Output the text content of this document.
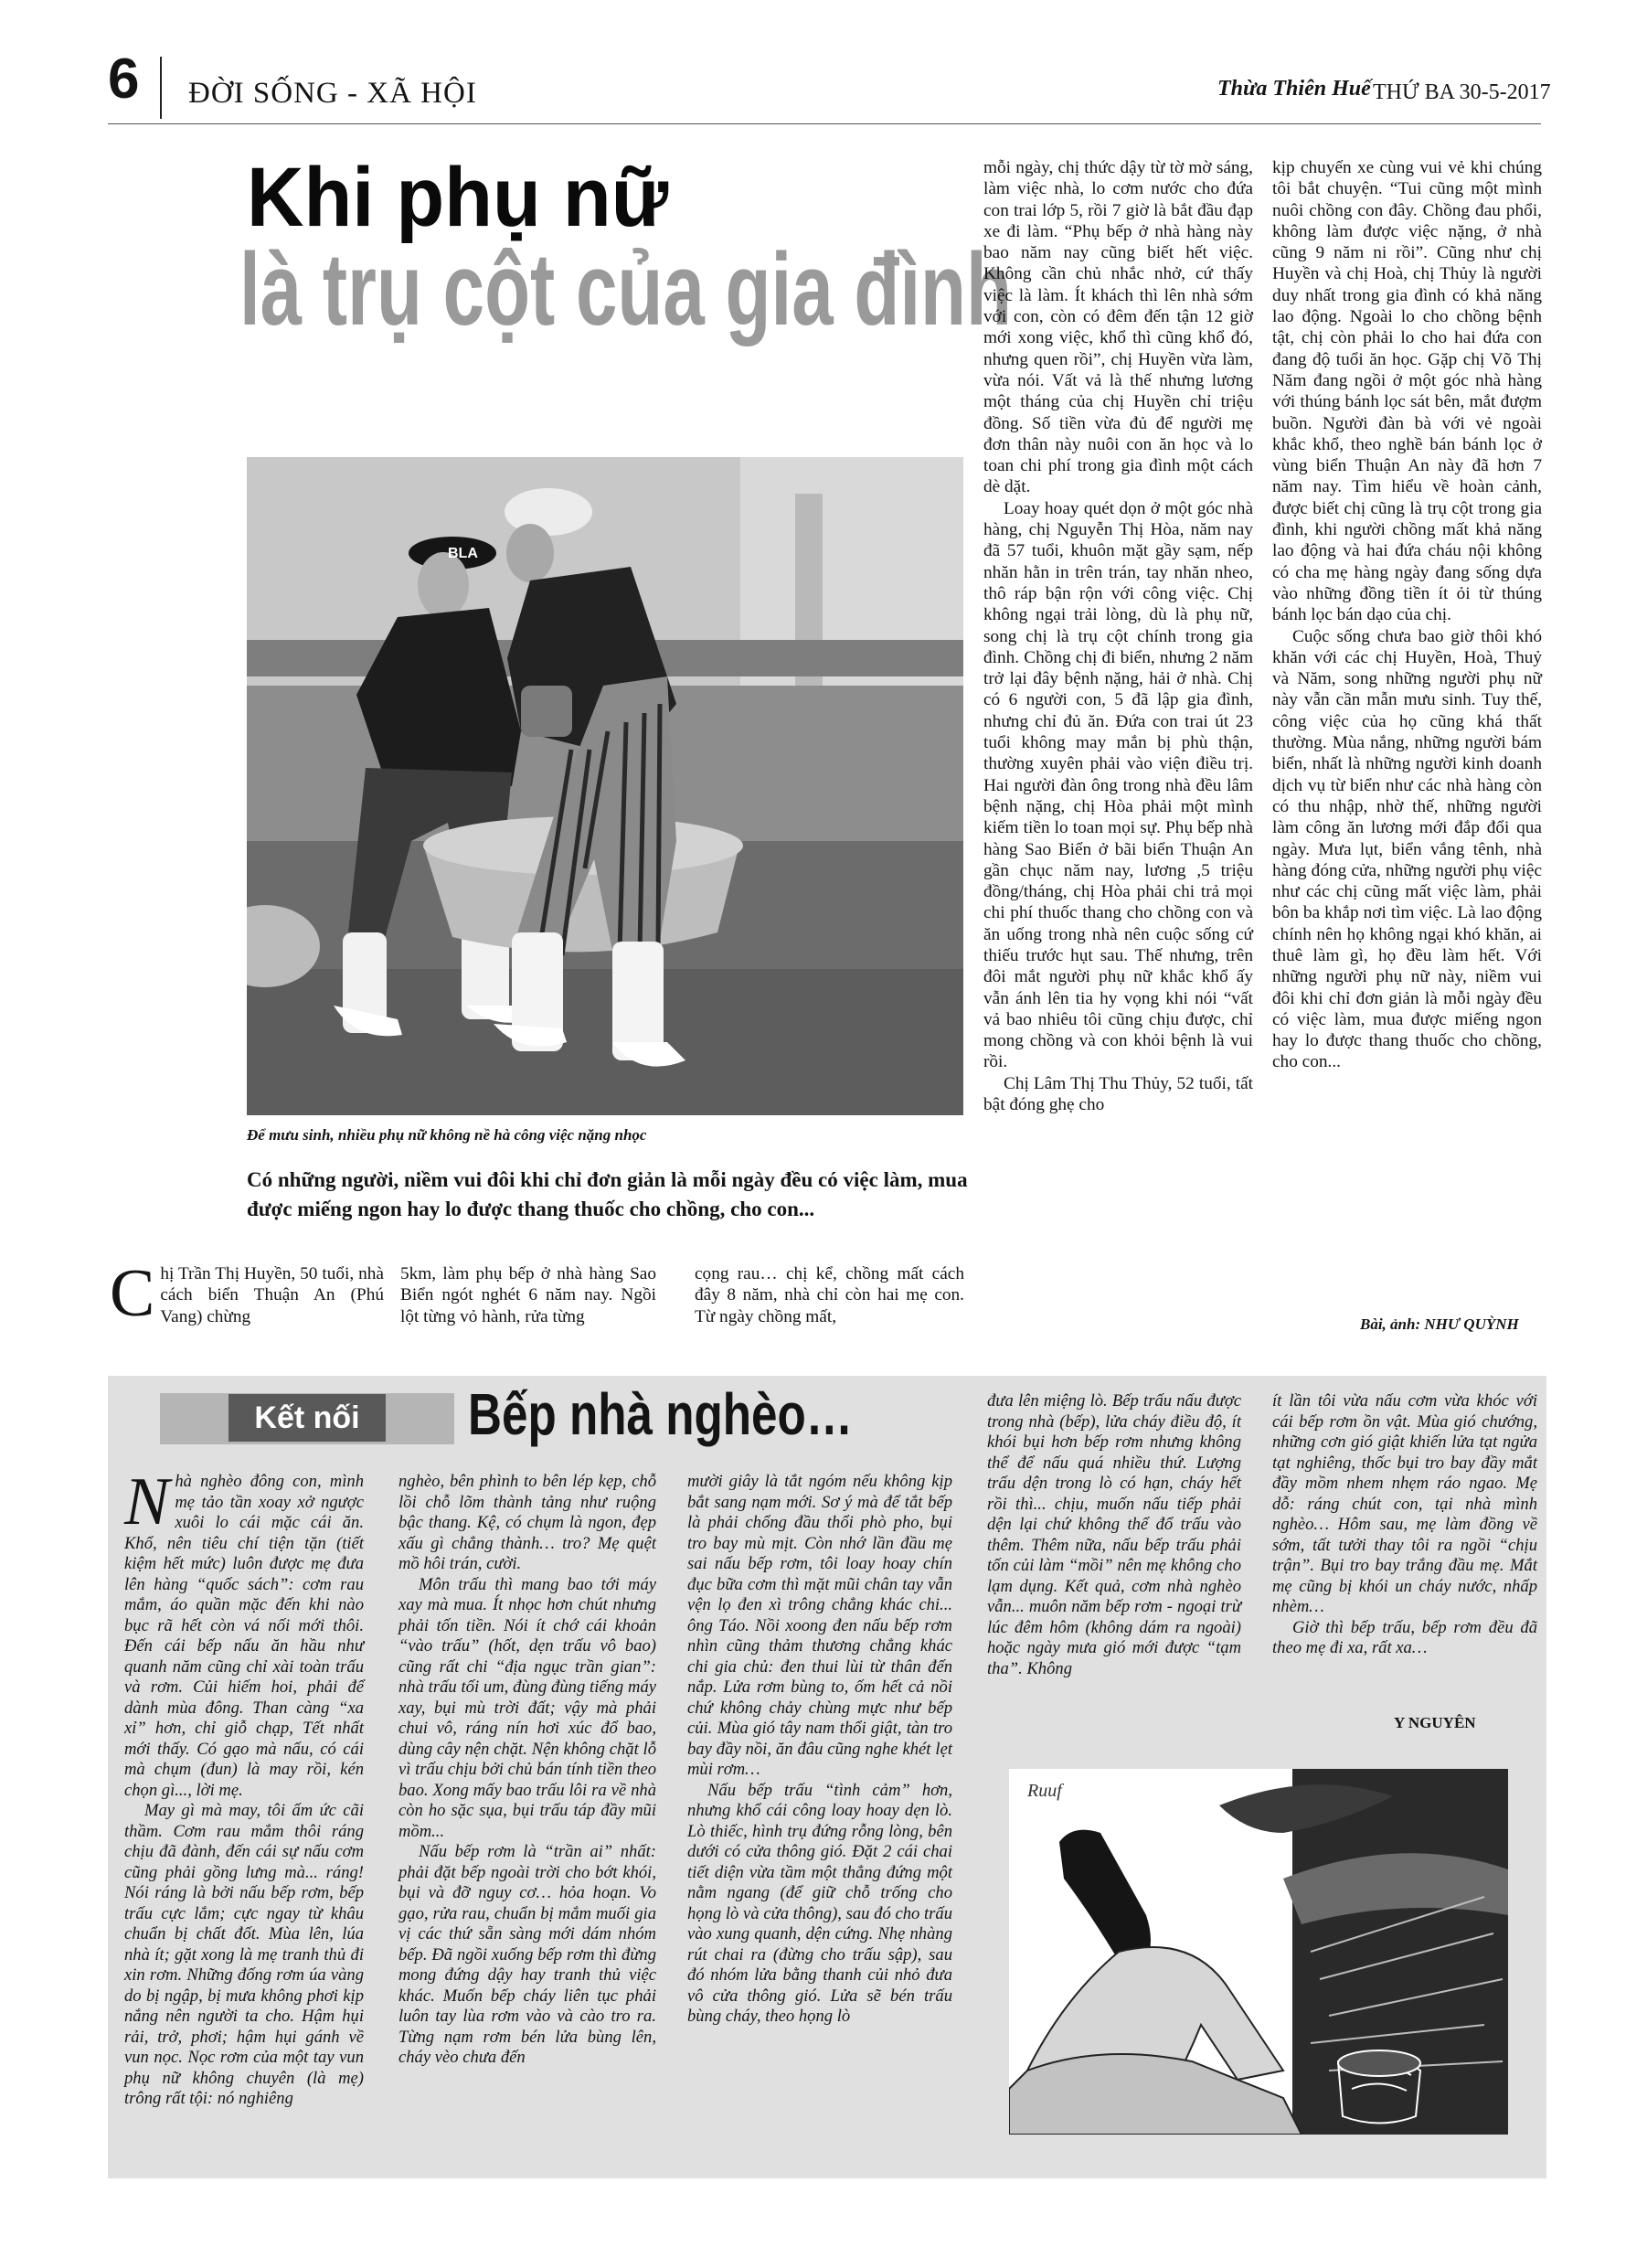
6 ĐỜI SỐNG - XÃ HỘI	Thừa Thiên Huế THỨ BA 30-5-2017
Khi phụ nữ
là trụ cột của gia đình
BLA
Để mưu sinh, nhiều phụ nữ không nề hà công việc nặng nhọc
Có những người, niềm vui đôi khi chỉ đơn giản là mỗi ngày đều có việc làm, mua được miếng ngon hay lo được thang thuốc cho chồng, cho con...

Chị Trần Thị Huyền, 50 tuổi, nhà cách biển Thuận An (Phú Vang) chừng

5km, làm phụ bếp ở nhà hàng Sao Biển ngót nghét 6 năm nay. Ngồi lột từng vỏ hành, rửa từng

cọng rau… chị kể, chồng mất cách đây 8 năm, nhà chỉ còn hai mẹ con. Từ ngày chồng mất,

mỗi ngày, chị thức dậy từ tờ mờ sáng, làm việc nhà, lo cơm nước cho đứa con trai lớp 5, rồi 7 giờ là bắt đầu đạp xe đi làm. “Phụ bếp ở nhà hàng này bao năm nay cũng biết hết việc. Không cần chủ nhắc nhở, cứ thấy việc là làm. Ít khách thì lên nhà sớm với con, còn có đêm đến tận 12 giờ mới xong việc, khổ thì cũng khổ đó, nhưng quen rồi”, chị Huyền vừa làm, vừa nói. Vất vả là thế nhưng lương một tháng của chị Huyền chỉ triệu đồng. Số tiền vừa đủ để người mẹ đơn thân này nuôi con ăn học và lo toan chi phí trong gia đình một cách dè dặt.

Loay hoay quét dọn ở một góc nhà hàng, chị Nguyễn Thị Hòa, năm nay đã 57 tuổi, khuôn mặt gầy sạm, nếp nhăn hằn in trên trán, tay nhăn nheo, thô ráp bận rộn với công việc. Chị không ngại trải lòng, dù là phụ nữ, song chị là trụ cột chính trong gia đình. Chồng chị đi biển, nhưng 2 năm trở lại đây bệnh nặng, hải ở nhà. Chị có 6 người con, 5 đã lập gia đình, nhưng chỉ đủ ăn. Đứa con trai út 23 tuổi không may mắn bị phù thận, thường xuyên phải vào viện điều trị. Hai người đàn ông trong nhà đều lâm bệnh nặng, chị Hòa phải một mình kiếm tiền lo toan mọi sự. Phụ bếp nhà hàng Sao Biển ở bãi biển Thuận An gần chục năm nay, lương ,5 triệu đồng/tháng, chị Hòa phải chi trả mọi chi phí thuốc thang cho chồng con và ăn uống trong nhà nên cuộc sống cứ thiếu trước hụt sau. Thế nhưng, trên đôi mắt người phụ nữ khắc khổ ấy vẫn ánh lên tia hy vọng khi nói “vất vả bao nhiêu tôi cũng chịu được, chỉ mong chồng và con khỏi bệnh là vui rồi.

Chị Lâm Thị Thu Thủy, 52 tuổi, tất bật đóng ghẹ cho

kịp chuyến xe cùng vui vẻ khi chúng tôi bắt chuyện. “Tui cũng một mình nuôi chồng con đây. Chồng đau phổi, không làm được việc nặng, ở nhà cũng 9 năm ni rồi”. Cũng như chị Huyền và chị Hoà, chị Thủy là người duy nhất trong gia đình có khả năng lao động. Ngoài lo cho chồng bệnh tật, chị còn phải lo cho hai đứa con đang độ tuổi ăn học. Gặp chị Võ Thị Năm đang ngồi ở một góc nhà hàng với thúng bánh lọc sát bên, mắt đượm buồn. Người đàn bà với vẻ ngoài khắc khổ, theo nghề bán bánh lọc ở vùng biển Thuận An này đã hơn 7 năm nay. Tìm hiểu về hoàn cảnh, được biết chị cũng là trụ cột trong gia đình, khi người chồng mất khả năng lao động và hai đứa cháu nội không có cha mẹ hàng ngày đang sống dựa vào những đồng tiền ít ỏi từ thúng bánh lọc bán dạo của chị.

Cuộc sống chưa bao giờ thôi khó khăn với các chị Huyền, Hoà, Thuỷ và Năm, song những người phụ nữ này vẫn cần mẫn mưu sinh. Tuy thế, công việc của họ cũng khá thất thường. Mùa nắng, những người bám biển, nhất là những người kinh doanh dịch vụ từ biển như các nhà hàng còn có thu nhập, nhờ thế, những người làm công ăn lương mới đắp đổi qua ngày. Mưa lụt, biển vắng tênh, nhà hàng đóng cửa, những người phụ việc như các chị cũng mất việc làm, phải bôn ba khắp nơi tìm việc. Là lao động chính nên họ không ngại khó khăn, ai thuê làm gì, họ đều làm hết. Với những người phụ nữ này, niềm vui đôi khi chỉ đơn giản là mỗi ngày đều có việc làm, mua được miếng ngon hay lo được thang thuốc cho chồng, cho con...

Bài, ảnh: NHƯ QUỲNH
Kết nối	Bếp nhà nghèo…

Nhà nghèo đông con, mình mẹ tảo tần xoay xở ngược xuôi lo cái mặc cái ăn. Khổ, nên tiêu chí tiện tặn (tiết kiệm hết mức) luôn được mẹ đưa lên hàng “quốc sách”: cơm rau mắm, áo quần mặc đến khi nào bục rã hết còn vá nối mới thôi. Đến cái bếp nấu ăn hầu như quanh năm cũng chỉ xài toàn trấu và rơm. Củi hiếm hoi, phải để dành mùa đông. Than càng “xa xỉ” hơn, chỉ giỗ chạp, Tết nhất mới thấy. Có gạo mà nấu, có cái mà chụm (đun) là may rồi, kén chọn gì..., lời mẹ.

May gì mà may, tôi ấm ức cãi thầm. Cơm rau mắm thôi ráng chịu đã đành, đến cái sự nấu cơm cũng phải gồng lưng mà... ráng! Nói ráng là bởi nấu bếp rơm, bếp trấu cực lắm; cực ngay từ khâu chuẩn bị chất đốt. Mùa lên, lúa nhà ít; gặt xong là mẹ tranh thủ đi xin rơm. Những đống rơm úa vàng do bị ngập, bị mưa không phơi kịp nắng nên người ta cho. Hậm hụi rải, trở, phơi; hậm hụi gánh về vun nọc. Nọc rơm của một tay vun phụ nữ không chuyên (là mẹ) trông rất tội: nó nghiêng

nghèo, bên phình to bên lép kẹp, chỗ lồi chỗ lõm thành tảng như ruộng bậc thang. Kệ, có chụm là ngon, đẹp xấu gì chẳng thành… tro? Mẹ quệt mồ hôi trán, cười.

Môn trấu thì mang bao tới máy xay mà mua. Ít nhọc hơn chút nhưng phải tốn tiền. Nói ít chớ cái khoản “vào trấu” (hốt, dẹn trấu vô bao) cũng rất chi “địa ngục trần gian”: nhà trấu tối um, đùng đùng tiếng máy xay, bụi mù trời đất; vậy mà phải chui vô, ráng nín hơi xúc đổ bao, dùng cây nện chặt. Nện không chặt lỗ vì trấu chịu bởi chủ bán tính tiền theo bao. Xong mấy bao trấu lôi ra về nhà còn ho sặc sụa, bụi trấu táp đầy mũi mồm...

Nấu bếp rơm là “trần ai” nhất: phải đặt bếp ngoài trời cho bớt khói, bụi và đỡ nguy cơ… hỏa hoạn. Vo gạo, rửa rau, chuẩn bị mắm muối gia vị các thứ sẵn sàng mới dám nhóm bếp. Đã ngồi xuống bếp rơm thì đừng mong đứng dậy hay tranh thủ việc khác. Muốn bếp cháy liên tục phải luôn tay lùa rơm vào và cào tro ra. Từng nạm rơm bén lửa bùng lên, cháy vèo chưa đến

mười giây là tắt ngóm nếu không kịp bắt sang nạm mới. Sơ ý mà để tắt bếp là phải chổng đầu thổi phò pho, bụi tro bay mù mịt. Còn nhớ lần đầu mẹ sai nấu bếp rơm, tôi loay hoay chín đục bữa cơm thì mặt mũi chân tay vẫn vện lọ đen xì trông chẳng khác chi... ông Táo. Nồi xoong đen nấu bếp rơm nhìn cũng thảm thương chẳng khác chi gia chủ: đen thui lùi từ thân đến nắp. Lửa rơm bùng to, ốm hết cả nồi chứ không chảy chùng mực như bếp củi. Mùa gió tây nam thổi giật, tàn tro bay đầy nồi, ăn đâu cũng nghe khét lẹt mùi rơm…

Nấu bếp trấu “tình cảm” hơn, nhưng khổ cái công loay hoay dẹn lò. Lò thiếc, hình trụ đứng rỗng lòng, bên dưới có cửa thông gió. Đặt 2 cái chai tiết diện vừa tầm một thẳng đứng một nằm ngang (để giữ chỗ trống cho họng lò và cửa thông), sau đó cho trấu vào xung quanh, dện cứng. Nhẹ nhàng rút chai ra (đừng cho trấu sập), sau đó nhóm lửa bằng thanh củi nhỏ đưa vô cửa thông gió. Lửa sẽ bén trấu bùng cháy, theo họng lò

đưa lên miệng lò. Bếp trấu nấu được trong nhà (bếp), lửa cháy điều độ, ít khói bụi hơn bếp rơm nhưng không thể để nấu quá nhiều thứ. Lượng trấu dện trong lò có hạn, cháy hết rồi thì... chịu, muốn nấu tiếp phải dện lại chứ không thể đổ trấu vào thêm. Thêm nữa, nấu bếp trấu phải tốn củi làm “mồi” nên mẹ không cho lạm dụng. Kết quả, cơm nhà nghèo vẫn... muôn năm bếp rơm - ngoại trừ lúc đêm hôm (không dám ra ngoài) hoặc ngày mưa gió mới được “tạm tha”. Không

ít lần tôi vừa nấu cơm vừa khóc với cái bếp rơm ồn vật. Mùa gió chướng, những cơn gió giật khiến lửa tạt ngửa tạt nghiêng, thốc bụi tro bay đầy mắt đầy mồm nhem nhẹm ráo ngao. Mẹ dỗ: ráng chút con, tại nhà mình nghèo… Hôm sau, mẹ làm đồng về sớm, tất tưởi thay tôi ra ngồi “chịu trận”. Bụi tro bay trắng đầu mẹ. Mắt mẹ cũng bị khói un cháy nước, nhấp nhèm…

Giờ thì bếp trấu, bếp rơm đều đã theo mẹ đi xa, rất xa…

Y NGUYÊN
Ruuf
